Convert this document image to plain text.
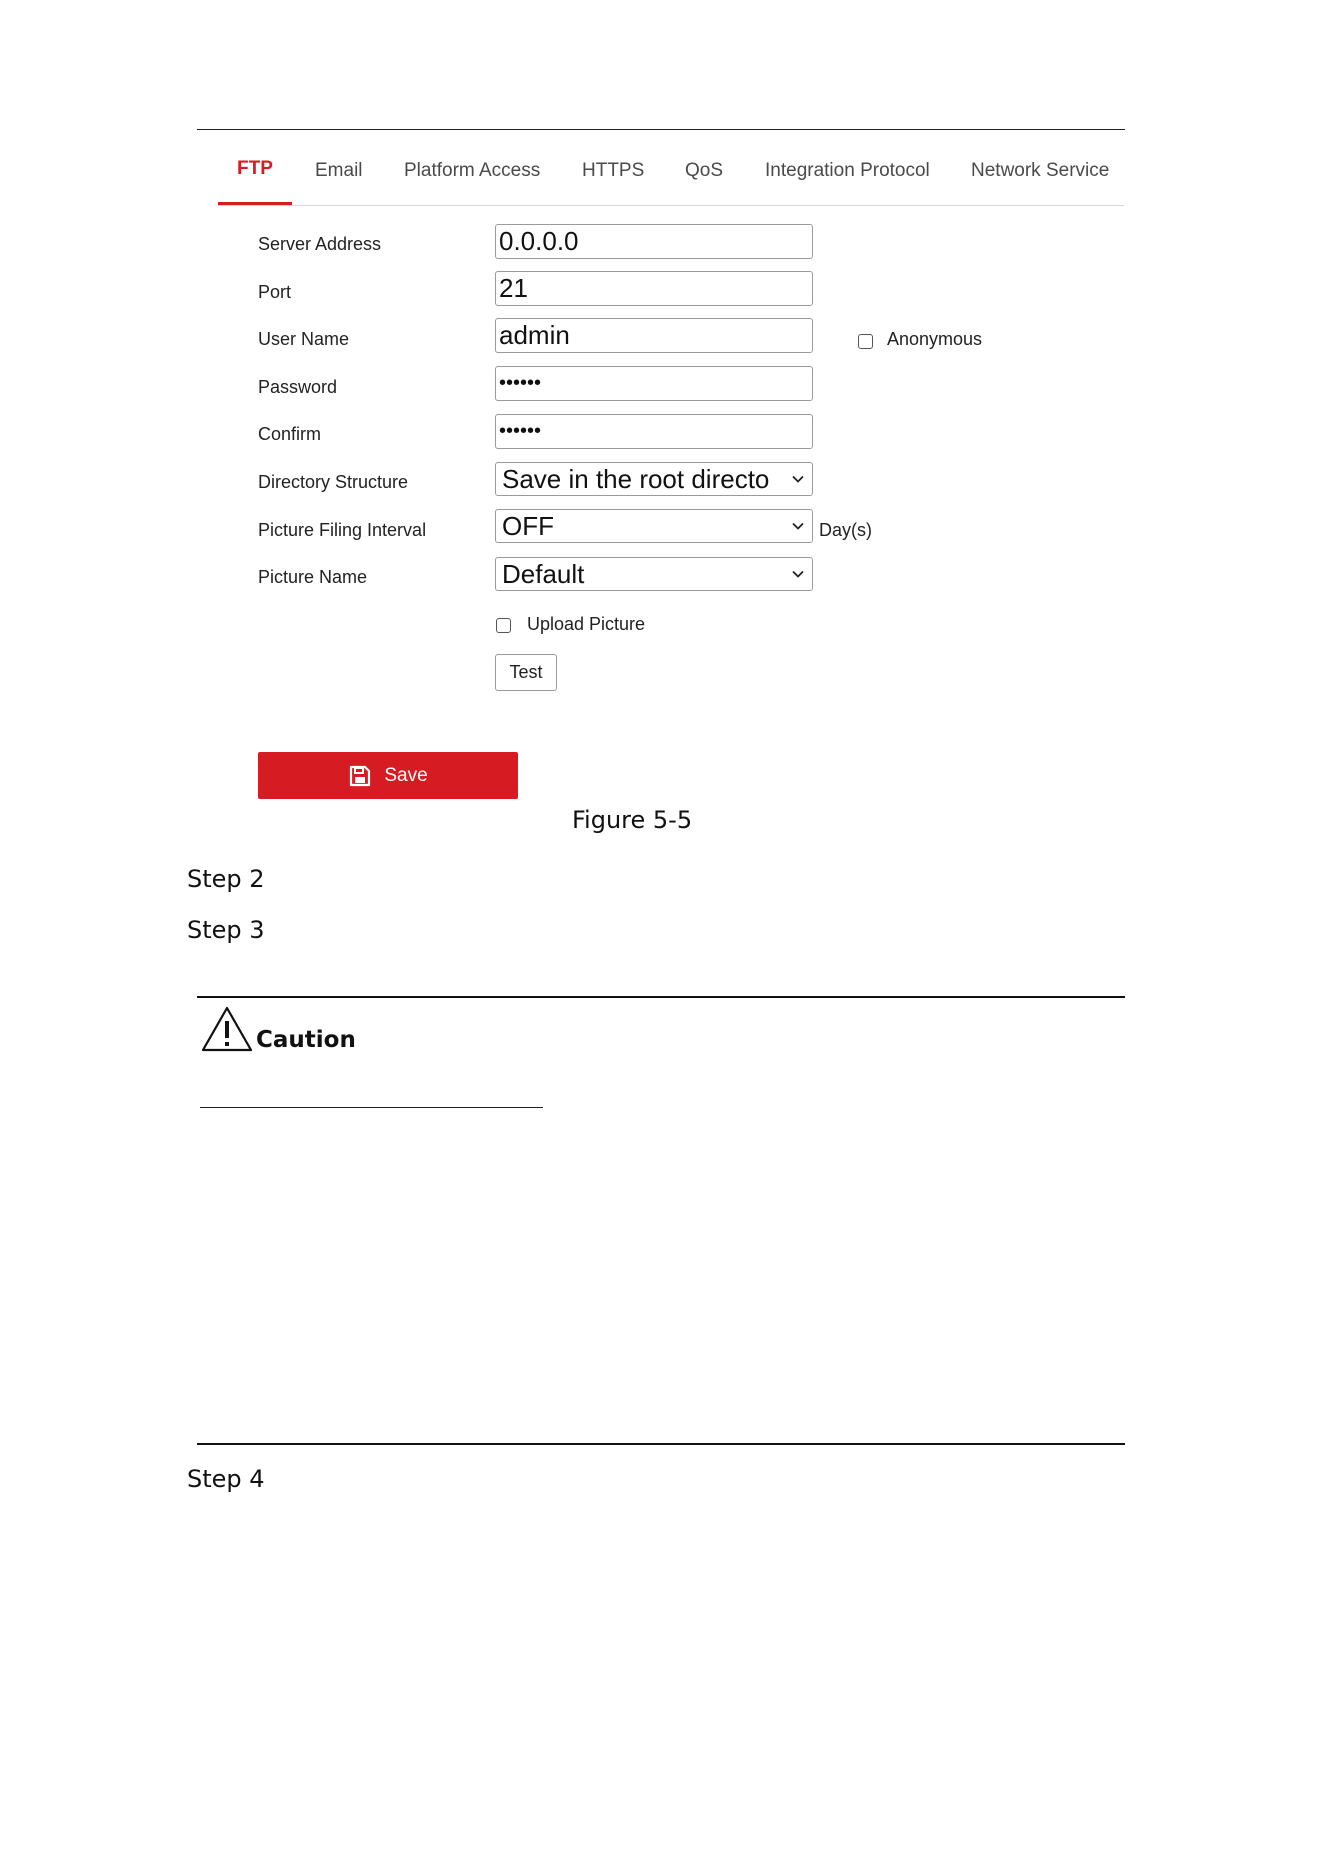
FTP Email Platform Access HTTPS QoS Integration Protocol Network Service
Server Address	0.0.0.0
Port	21
User Name	admin	Anonymous
Password	••••••
Confirm	••••••
Directory Structure	Save in the root directo
Picture Filing Interval	OFF	Day(s)
Picture Name	Default
Upload Picture
Test
Save
Figure 5-5
Step 2
Step 3
Caution
Step 4
